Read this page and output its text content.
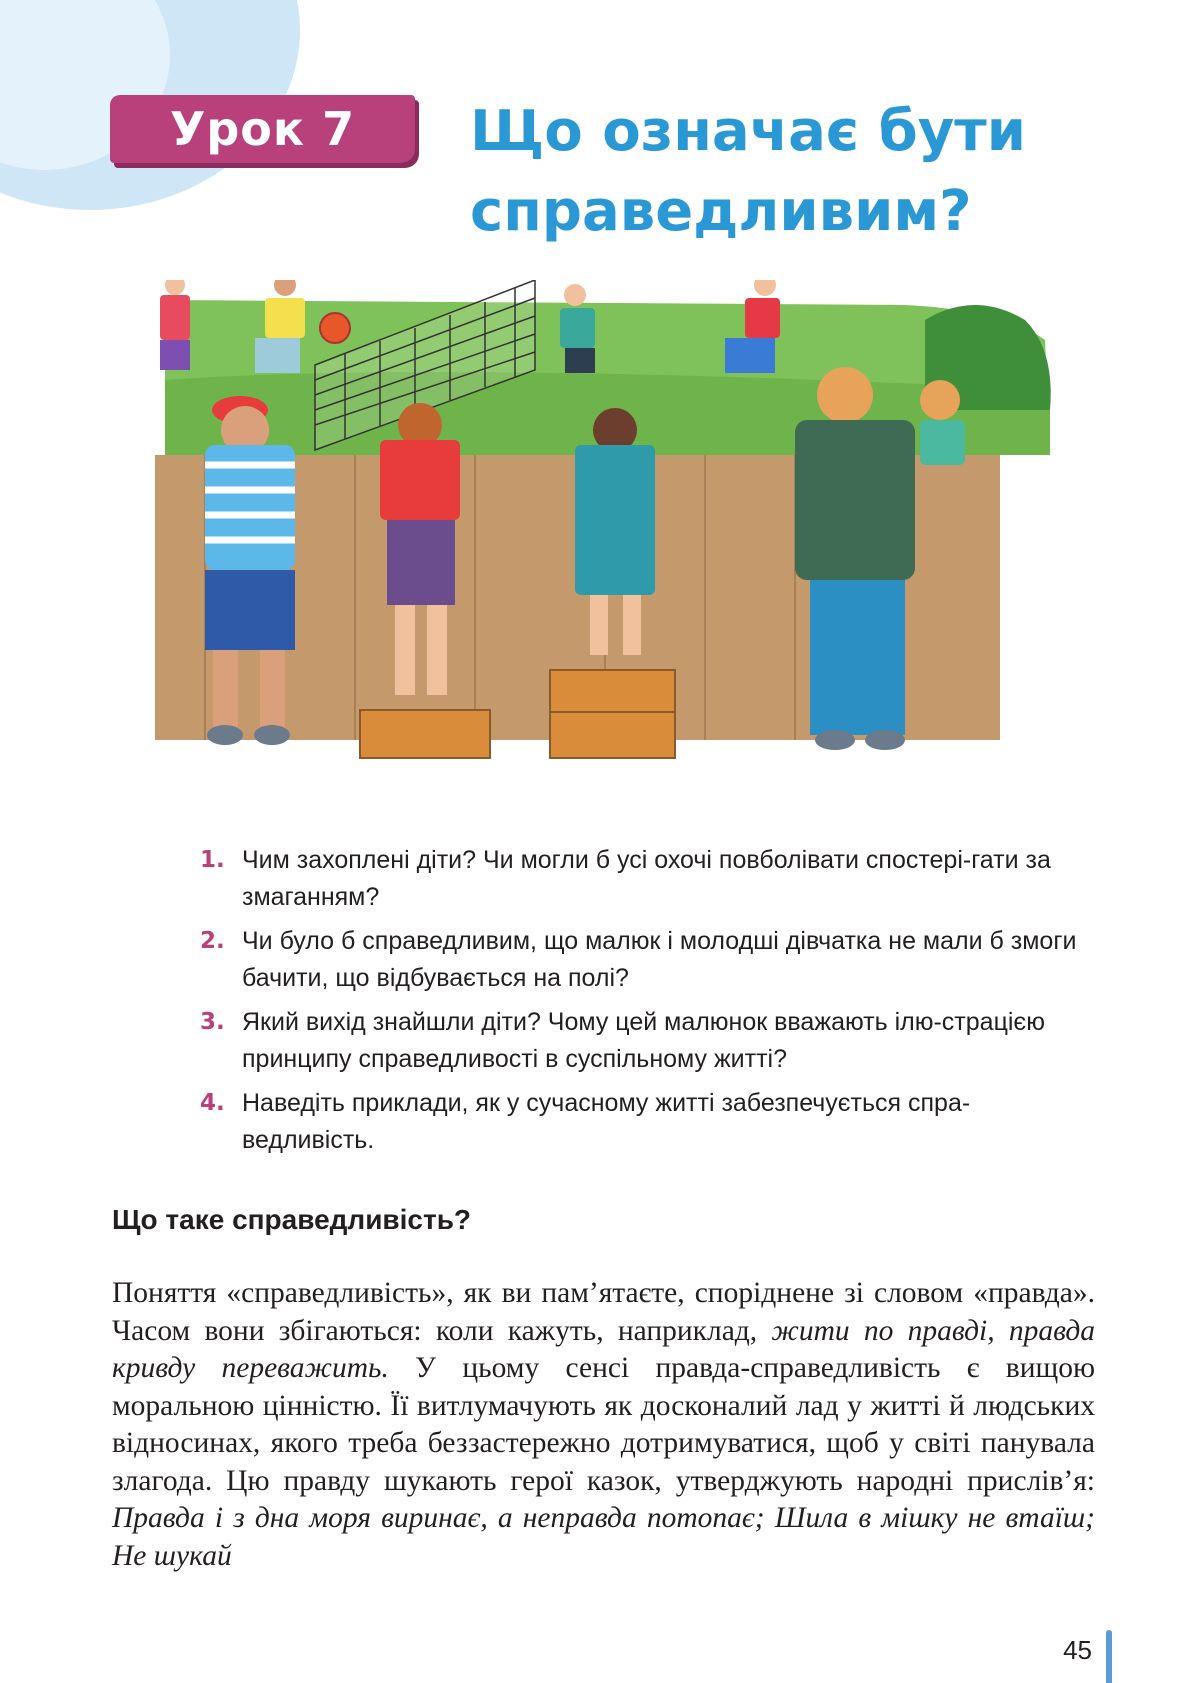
Урок 7 Що означає бути
справедливим?
1. Чим захоплені діти? Чи могли б усі охочі повболівати спостері-гати за змаганням?
2. Чи було б справедливим, що малюк і молодші дівчатка не мали б змоги бачити, що відбувається на полі?
3. Який вихід знайшли діти? Чому цей малюнок вважають ілю-страцією принципу справедливості в суспільному житті?
4. Наведіть приклади, як у сучасному житті забезпечується спра-ведливість.
Що таке справедливість?
Поняття «справедливість», як ви пам’ятаєте, споріднене зі словом «правда». Часом вони збігаються: коли кажуть, наприклад, жити по правді, правда кривду переважить. У цьому сенсі правда-справедливість є вищою моральною цінністю. Її витлумачують як досконалий лад у житті й людських відносинах, якого треба беззастережно дотримуватися, щоб у світі панувала злагода. Цю правду шукають герої казок, утверджують народні прислів’я: Правда і з дна моря виринає, а неправда потопає; Шила в мішку не втаїш; Не шукай
45
